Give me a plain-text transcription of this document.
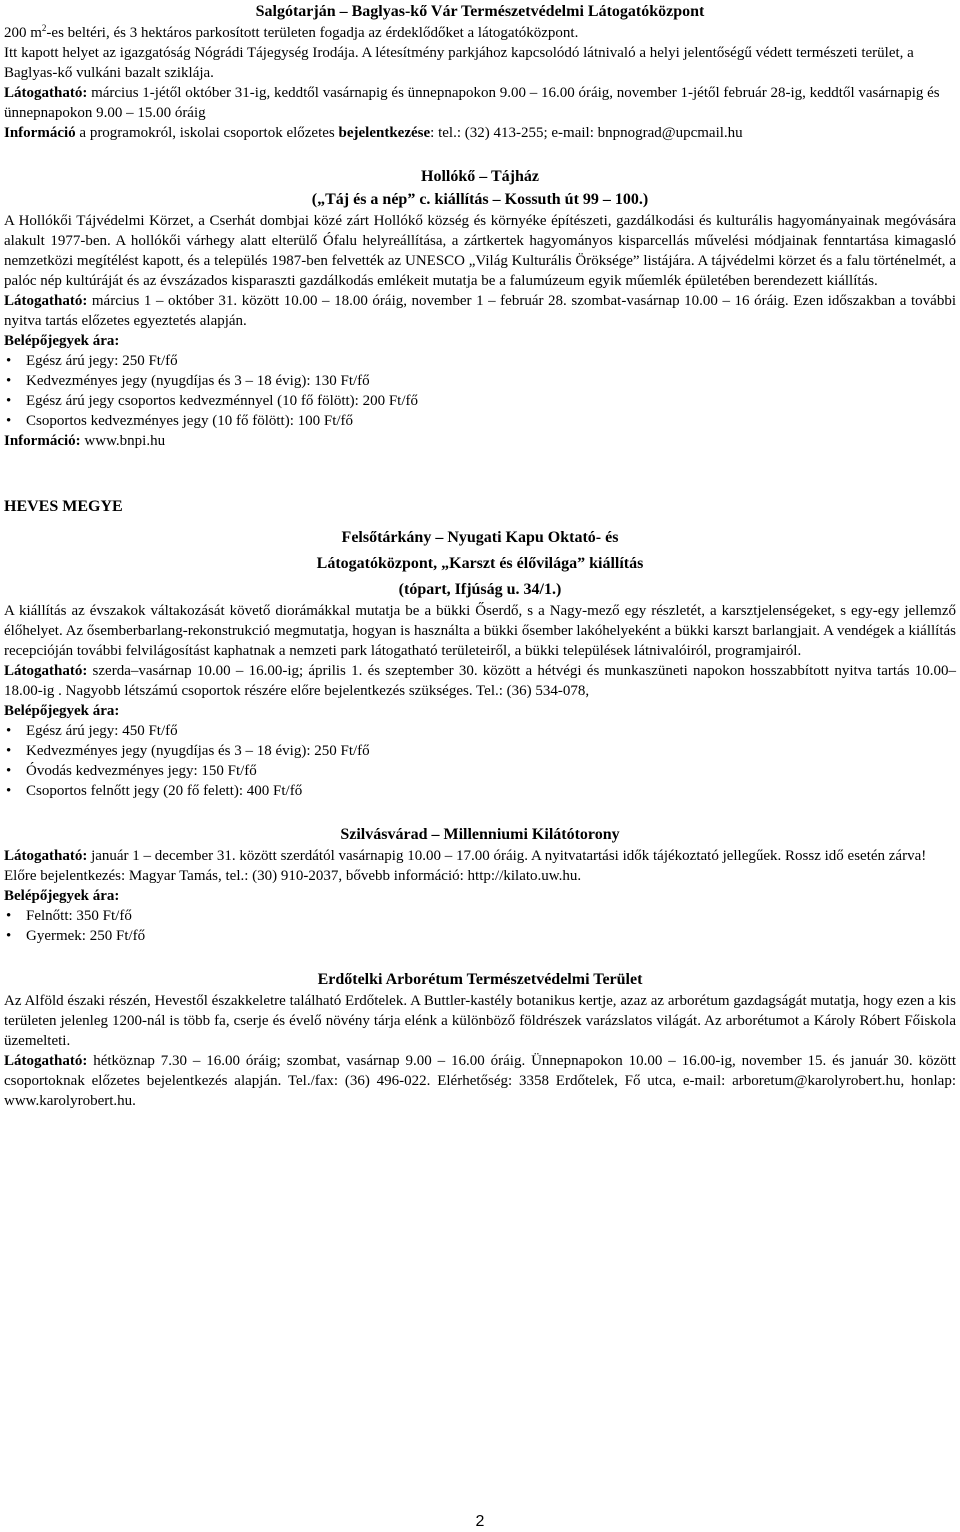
Salgótarján – Baglyas-kő Vár Természetvédelmi Látogatóközpont

200 $m^2-es$ beltéri, és 3 hektáros parkosított területen fogadja az érdeklődőket a látogatóközpont.

Itt kapott helyet az igazgatóság Nógrádi Tájegység Irodája. A létesítmény parkjához kapcsolódó látnivaló a helyi jelentőségű védett természeti terület, a Baglyas-kő vulkáni bazalt sziklája.

Látogatható: március 1-jétől október 31-ig, keddtől vasárnapig és ünnepnapokon 9.00 – 16.00 óráig, november 1-jétől február 28-ig, keddtől vasárnapig és ünnepnapokon 9.00 – 15.00 óráig

Információ a programokról, iskolai csoportok előzetes bejelentkezése: tel.: (32) 413-255; e-mail: bnpnograd@upcmail.hu

Hollókő – Tájház

(„Táj és a nép” c. kiállítás – Kossuth út 99 – 100.)

A Hollókői Tájvédelmi Körzet, a Cserhát dombjai közé zárt Hollókő község és környéke építészeti, gazdálkodási és kulturális hagyományainak megóvására alakult 1977-ben. A hollókői várhegy alatt elterülő Ófalu helyreállítása, a zártkertek hagyományos kisparcellás művelési módjainak fenntartása kimagasló nemzetközi megítélést kapott, és a település 1987-ben felvették az UNESCO „Világ Kulturális Öröksége” listájára. A tájvédelmi körzet és a falu történelmét, a palóc nép kultúráját és az évszázados kisparaszti gazdálkodás emlékeit mutatja be a falumúzeum egyik műemlék épületében berendezett kiállítás.

Látogatható: március 1 – október 31. között 10.00 – 18.00 óráig, november 1 – február 28. szombat-vasárnap 10.00 – 16 óráig. Ezen időszakban a további nyitva tartás előzetes egyeztetés alapján.

Belépőjegyek ára:

• Egész árú jegy: 250 Ft/fő
• Kedvezményes jegy (nyugdíjas és 3 – 18 évig): 130 Ft/fő
• Egész árú jegy csoportos kedvezménnyel (10 fő fölött): 200 Ft/fő
• Csoportos kedvezményes jegy (10 fő fölött): 100 Ft/fő

Információ: www.bnpi.hu

HEVES MEGYE

Felsőtárkány – Nyugati Kapu Oktató- és

Látogatóközpont, „Karszt és élővilága” kiállítás

(tópart, Ifjúság u. 34/1.)

A kiállítás az évszakok váltakozását követő diorámákkal mutatja be a bükki Őserdő, s a Nagy-mező egy részletét, a karsztjelenségeket, s egy-egy jellemző élőhelyet. Az ősemberbarlang-rekonstrukció megmutatja, hogyan is használta a bükki ősember lakóhelyeként a bükki karszt barlangjait. A vendégek a kiállítás recepcióján további felvilágosítást kaphatnak a nemzeti park látogatható területeiről, a bükki települések látnivalóiról, programjairól.

Látogatható: szerda–vasárnap 10.00 – 16.00-ig; április 1. és szeptember 30. között a hétvégi és munkaszüneti napokon hosszabbított nyitva tartás 10.00–18.00-ig . Nagyobb létszámú csoportok részére előre bejelentkezés szükséges. Tel.: (36) 534-078,

Belépőjegyek ára:

• Egész árú jegy: 450 Ft/fő
• Kedvezményes jegy (nyugdíjas és 3 – 18 évig): 250 Ft/fő
• Óvodás kedvezményes jegy: 150 Ft/fő
• Csoportos felnőtt jegy (20 fő felett): 400 Ft/fő

Szilvásvárad – Millenniumi Kilátótorony

Látogatható: január 1 – december 31. között szerdától vasárnapig 10.00 – 17.00 óráig. A nyitvatartási idők tájékoztató jellegűek. Rossz idő esetén zárva!

Előre bejelentkezés: Magyar Tamás, tel.: (30) 910-2037, bővebb információ: http://kilato.uw.hu.

Belépőjegyek ára:

• Felnőtt: 350 Ft/fő
• Gyermek: 250 Ft/fő

Erdőtelki Arborétum Természetvédelmi Terület

Az Alföld északi részén, Hevestől északkeletre található Erdőtelek. A Buttler-kastély botanikus kertje, azaz az arborétum gazdagságát mutatja, hogy ezen a kis területen jelenleg 1200-nál is több fa, cserje és évelő növény tárja elénk a különböző földrészek varázslatos világát. Az arborétumot a Károly Róbert Főiskola üzemelteti.

Látogatható: hétköznap 7.30 – 16.00 óráig; szombat, vasárnap 9.00 – 16.00 óráig. Ünnepnapokon 10.00 – 16.00-ig, november 15. és január 30. között csoportoknak előzetes bejelentkezés alapján. Tel./fax: (36) 496-022. Elérhetőség: 3358 Erdőtelek, Fő utca, e-mail: arboretum@karolyrobert.hu, honlap: www.karolyrobert.hu.

2
